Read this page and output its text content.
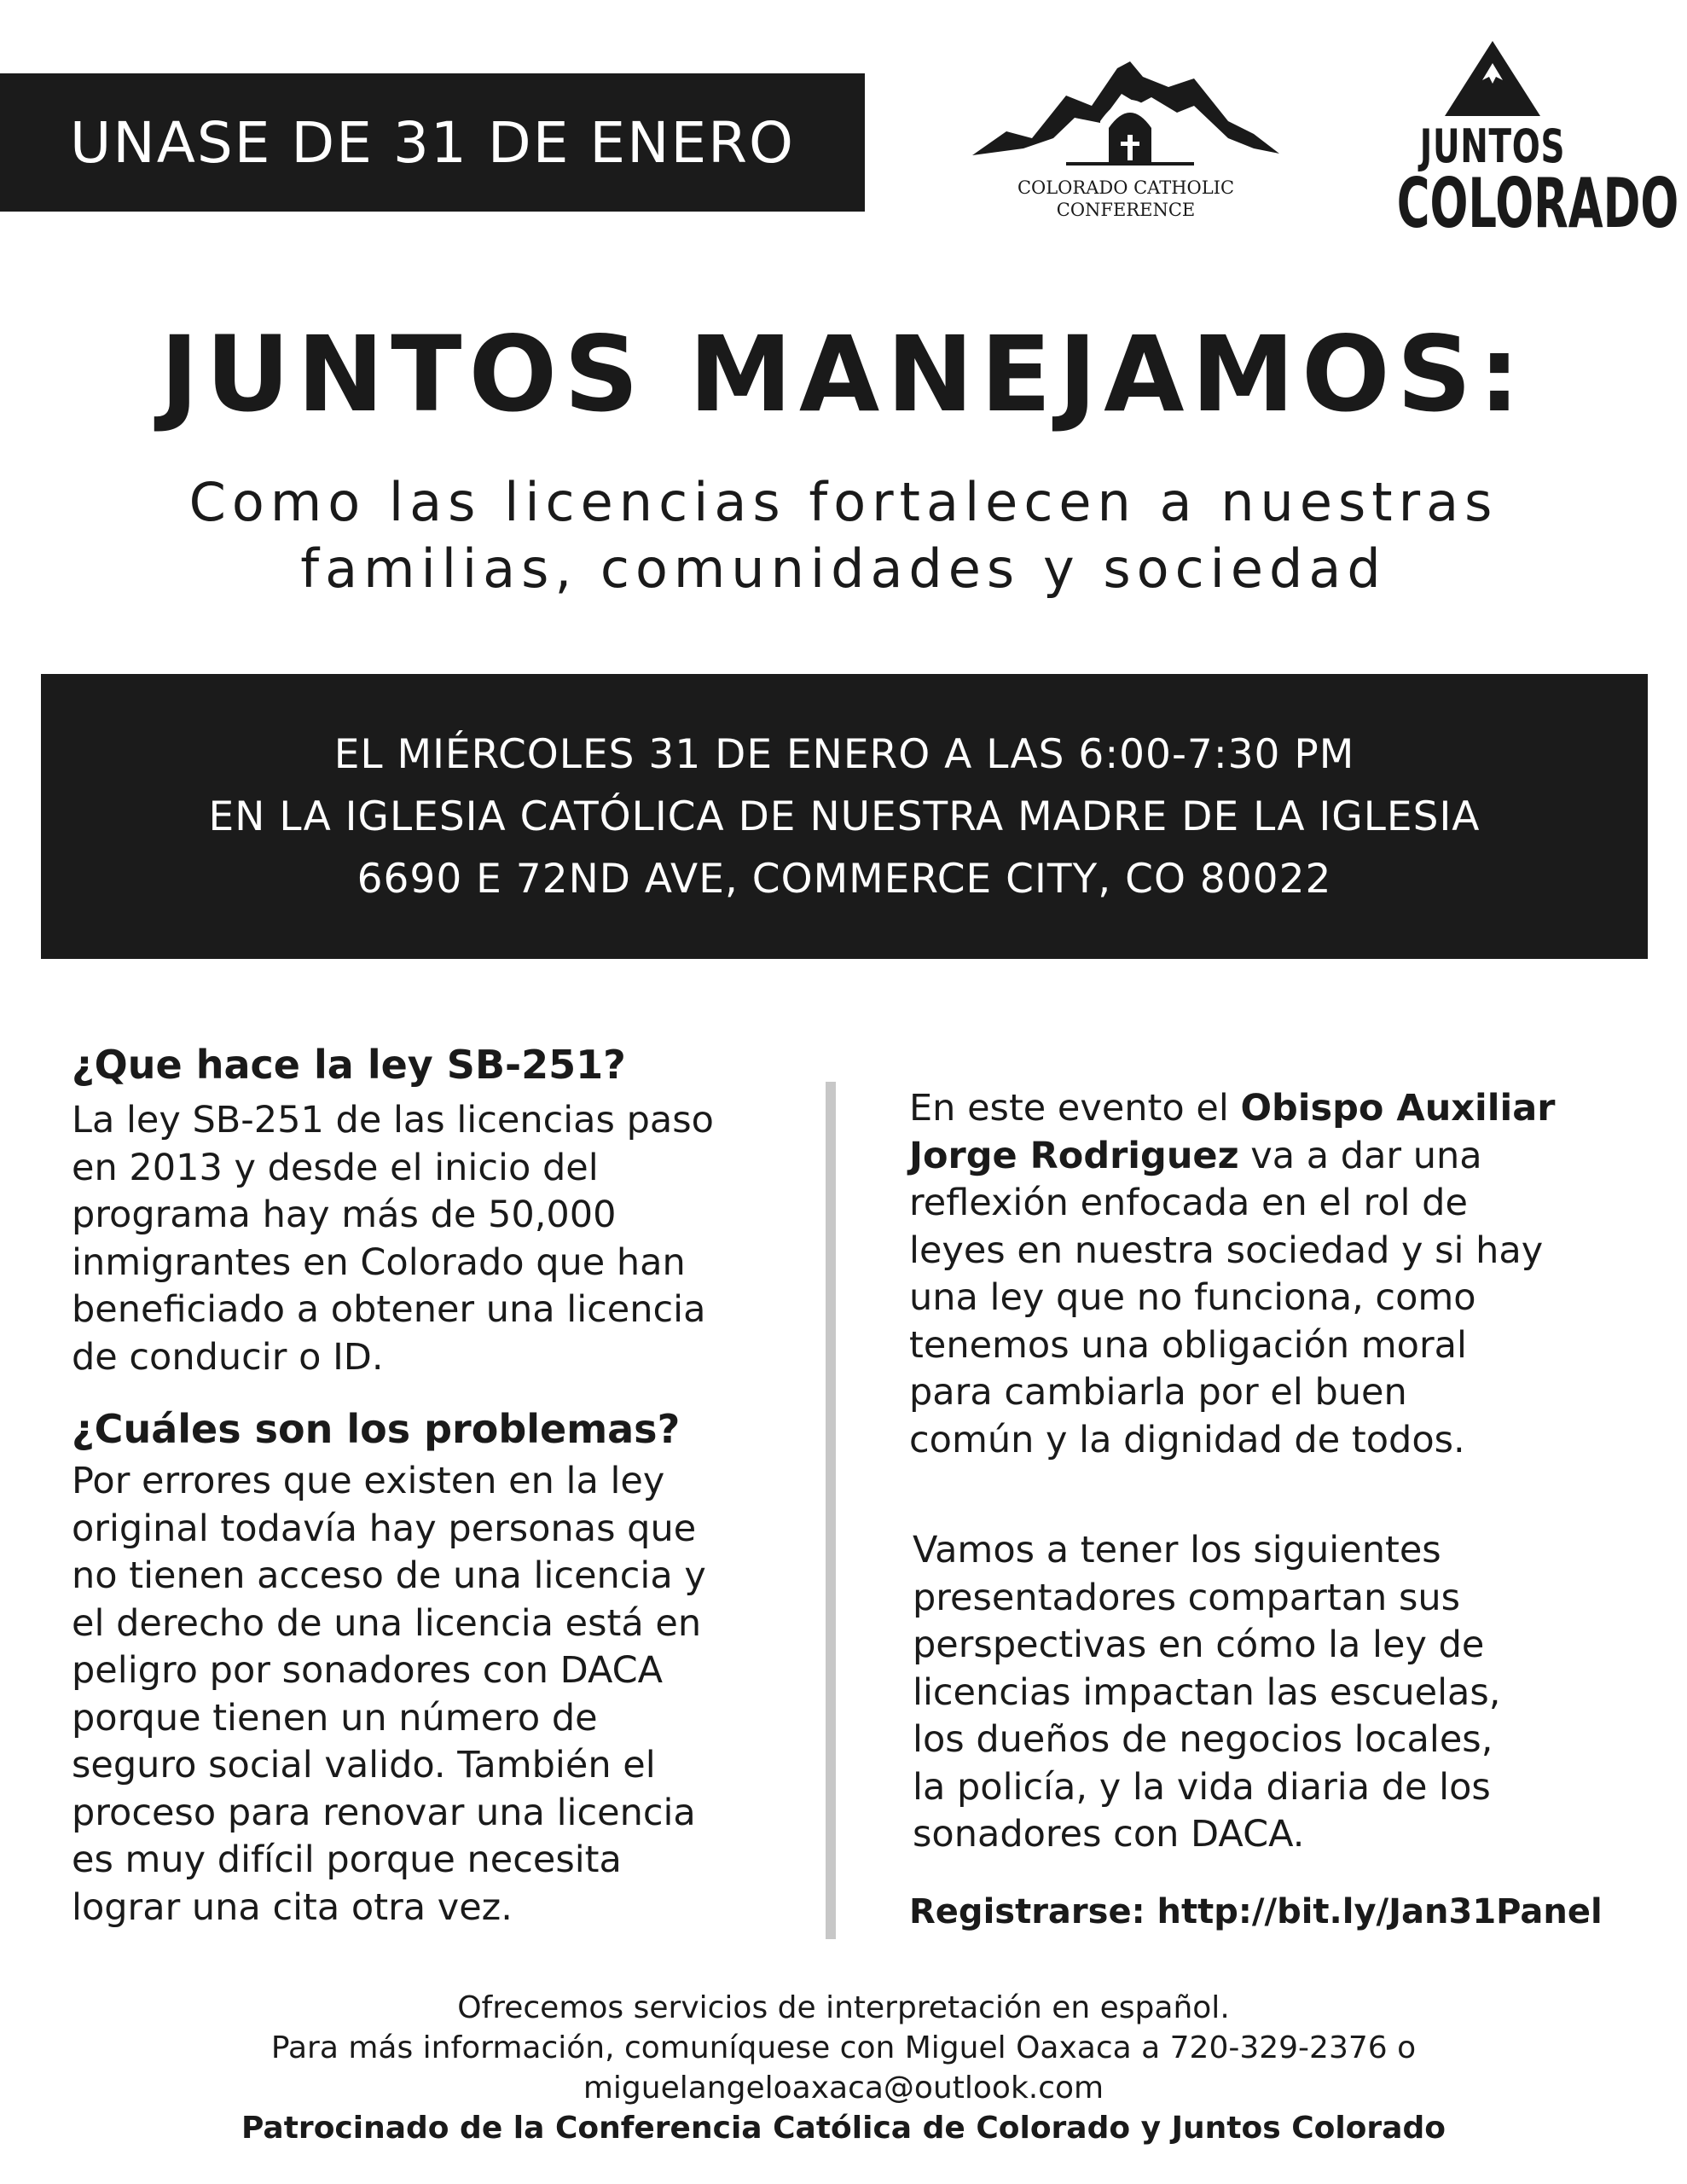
UNASE DE 31 DE ENERO
COLORADO CATHOLIC
CONFERENCE
JUNTOS
COLORADO
JUNTOS MANEJAMOS:
Como las licencias fortalecen a nuestras
familias, comunidades y sociedad
EL MIÉRCOLES 31 DE ENERO A LAS 6:00-7:30 PM
EN LA IGLESIA CATÓLICA DE NUESTRA MADRE DE LA IGLESIA
6690 E 72ND AVE, COMMERCE CITY, CO 80022
¿Que hace la ley SB-251?
La ley SB-251 de las licencias paso
en 2013 y desde el inicio del
programa hay más de 50,000
inmigrantes en Colorado que han
beneficiado a obtener una licencia
de conducir o ID.
¿Cuáles son los problemas?
Por errores que existen en la ley
original todavía hay personas que
no tienen acceso de una licencia y
el derecho de una licencia está en
peligro por sonadores con DACA
porque tienen un número de
seguro social valido. También el
proceso para renovar una licencia
es muy difícil porque necesita
lograr una cita otra vez.
En este evento el Obispo Auxiliar
Jorge Rodriguez va a dar una
reflexión enfocada en el rol de
leyes en nuestra sociedad y si hay
una ley que no funciona, como
tenemos una obligación moral
para cambiarla por el buen
común y la dignidad de todos.
Vamos a tener los siguientes
presentadores compartan sus
perspectivas en cómo la ley de
licencias impactan las escuelas,
los dueños de negocios locales,
la policía, y la vida diaria de los
sonadores con DACA.
Registrarse: http://bit.ly/Jan31Panel
Ofrecemos servicios de interpretación en español.
Para más información, comuníquese con Miguel Oaxaca a 720-329-2376 o
miguelangeloaxaca@outlook.com
Patrocinado de la Conferencia Católica de Colorado y Juntos Colorado
